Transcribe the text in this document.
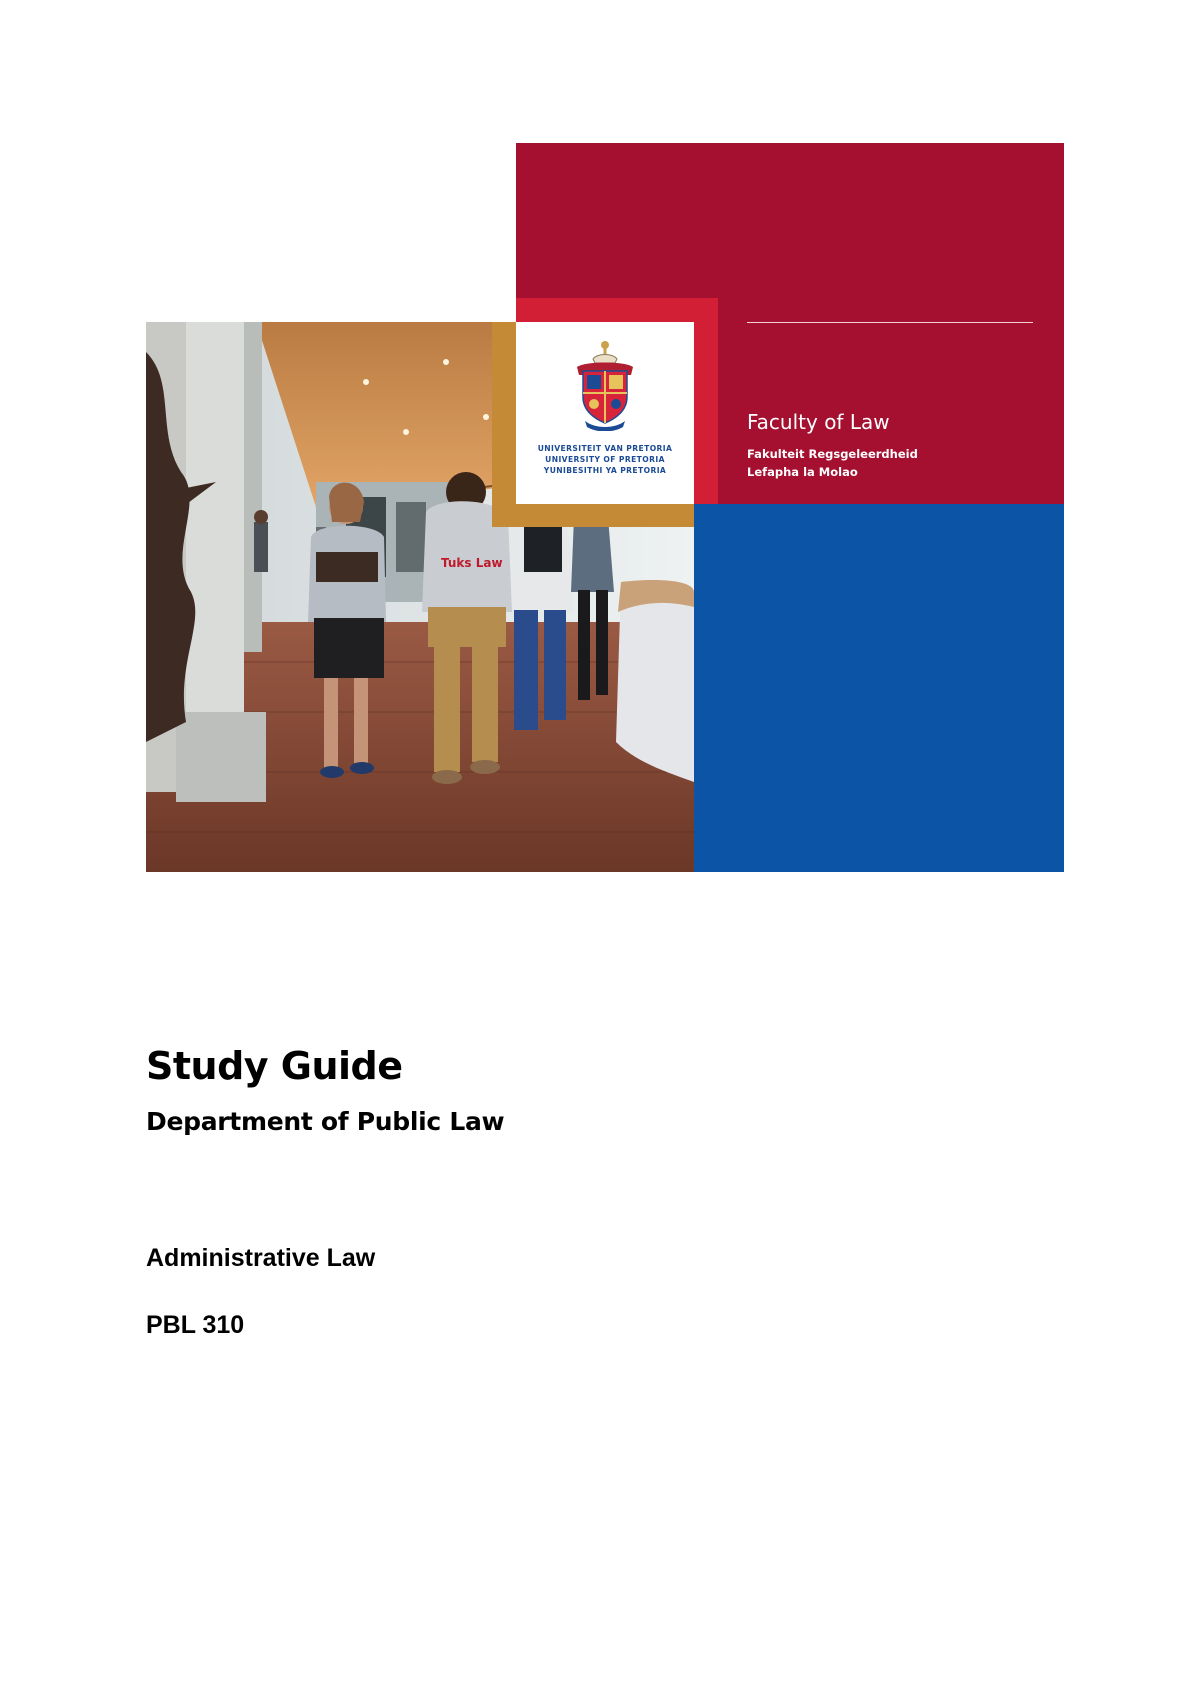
Tuks Law
UNIVERSITEIT VAN PRETORIA
UNIVERSITY OF PRETORIA
YUNIBESITHI YA PRETORIA
Faculty of Law
Fakulteit Regsgeleerdheid
Lefapha la Molao
Study Guide
Department of Public Law
Administrative Law
PBL 310
